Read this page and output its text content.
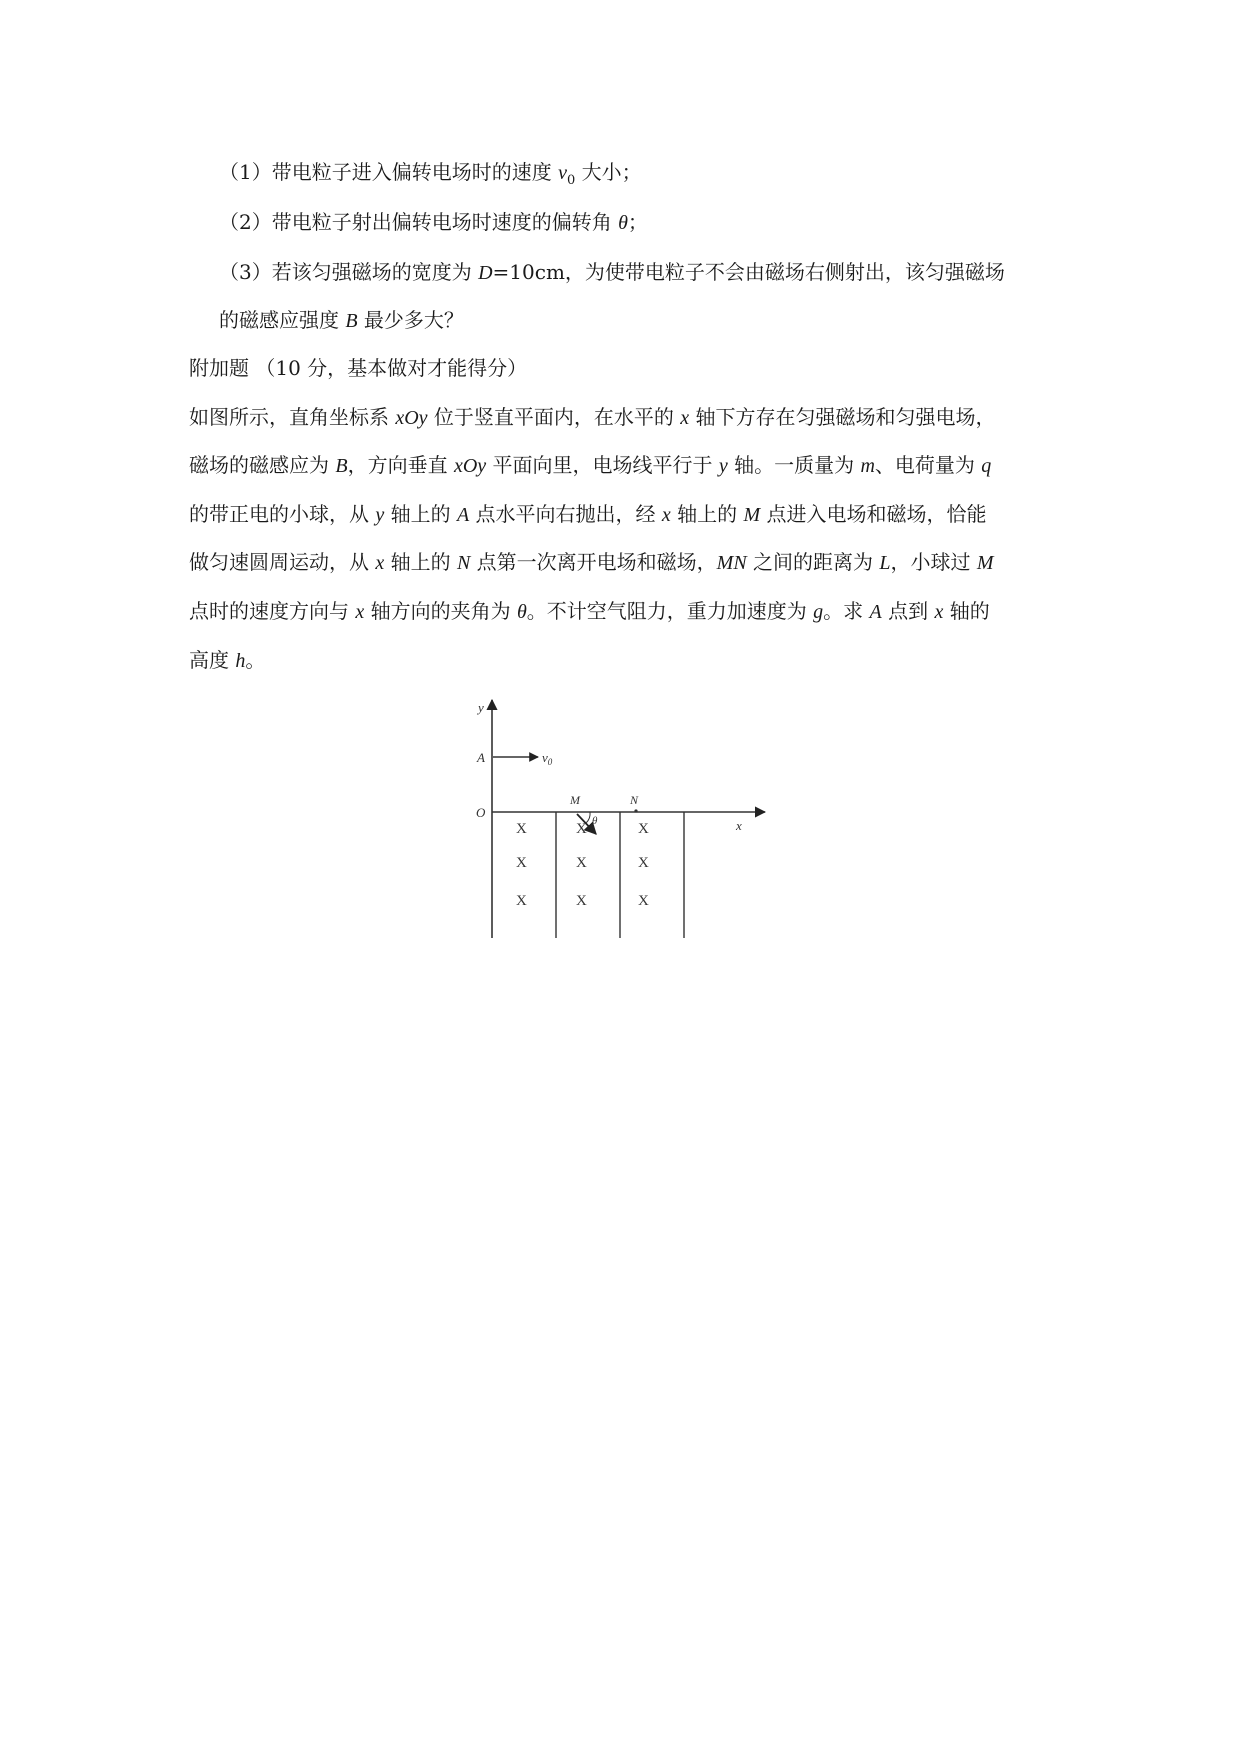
（1）带电粒子进入偏转电场时的速度 $v_0$ 大小；
（2）带电粒子射出偏转电场时速度的偏转角 θ；
（3）若该匀强磁场的宽度为 D=10cm，为使带电粒子不会由磁场右侧射出，该匀强磁场
的磁感应强度 B 最少多大？
附加题 （10 分，基本做对才能得分）
如图所示，直角坐标系 xOy 位于竖直平面内，在水平的 x 轴下方存在匀强磁场和匀强电场，
磁场的磁感应为 B，方向垂直 xOy 平面向里，电场线平行于 y 轴。一质量为 m、电荷量为 q
的带正电的小球，从 y 轴上的 A 点水平向右抛出，经 x 轴上的 M 点进入电场和磁场，恰能
做匀速圆周运动，从 x 轴上的 N 点第一次离开电场和磁场，MN 之间的距离为 L，小球过 M
点时的速度方向与 x 轴方向的夹角为 θ。不计空气阻力，重力加速度为 g。求 A 点到 x 轴的
高度 h。
y
A	$v_0$
O
M	N
θ	x
X	X	X
X	X	X
X	X	X
